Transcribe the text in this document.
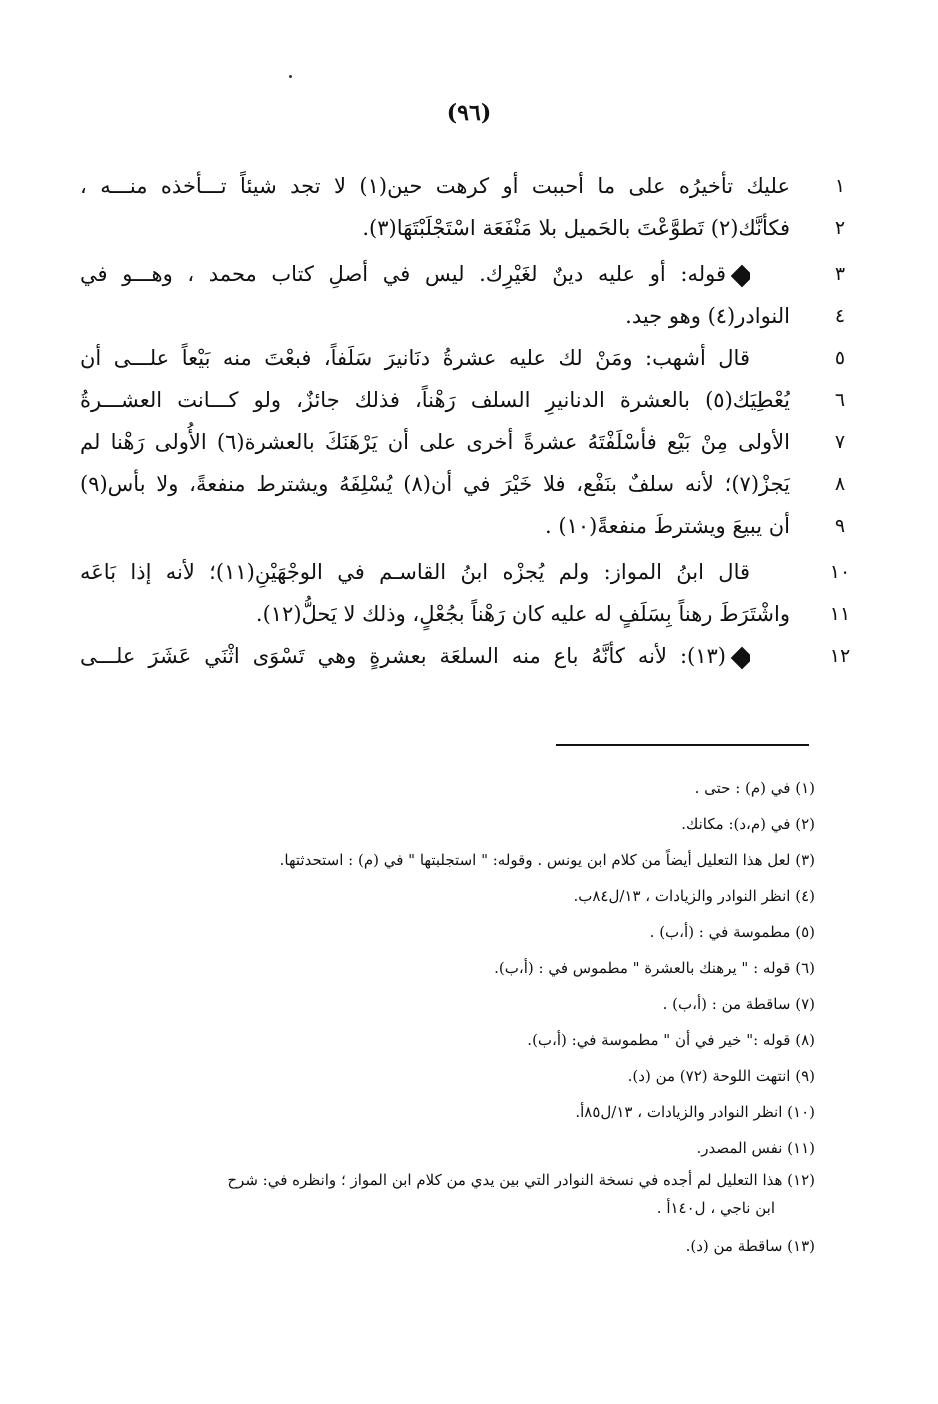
(٩٦)
١
عليك تأخيرُه على ما أحببت أو كرهت حين(١) لا تجد شيئاً تـــأخذه منـــه ،
٢
فكأنَّك(٢) تَطوَّعْتَ بالحَميل بلا مَنْفَعَة اسْتَجْلَبْتَهَا(٣).
٣
قوله: أو عليه دينٌ لغَيْرِك. ليس في أصلِ كتاب محمد ، وهـــو في
٤
النوادر(٤) وهو جيد.
٥
قال أشهب: ومَنْ لك عليه عشرةُ دنَانيرَ سَلَفاً، فبعْتَ منه بَيْعاً علـــى أن
٦
يُعْطِيَك(٥) بالعشرة الدنانيرِ السلف رَهْناً، فذلك جائزٌ، ولو كـــانت العشـــرةُ
٧
الأولى مِنْ بَيْع فأسْلَفْتَهُ عشرةً أخرى على أن يَرْهَنَكَ بالعشرة(٦) الأُولى رَهْنا لم
٨
يَجزْ(٧)؛ لأنه سلفٌ بنَفْع، فلا خَيْرَ في أن(٨) يُسْلِفَهُ ويشترط منفعةً، ولا بأس(٩)
٩
أن يبيعَ ويشترطَ منفعةً(١٠) .
١٠
قال ابنُ المواز: ولم يُجزْه ابنُ القاسـم في الوجْهَيْنِ(١١)؛ لأنه إذا بَاعَه
١١
واشْتَرَطَ رهناً بِسَلَفٍ له عليه كان رَهْناً بجُعْلٍ، وذلك لا يَحلُّ(١٢).
١٢
(١٣): لأنه كأنَّهُ باع منه السلعَة بعشرةٍ وهي تَسْوَى اثْنَي عَشَرَ علـــى
(١) في (م) : حتى .
(٢) في (م،د): مكانك.
(٣) لعل هذا التعليل أيضاً من كلام ابن يونس . وقوله: " استجلبتها " في (م) : استحدثتها.
(٤) انظر النوادر والزيادات ، ١٣/ل٨٤ب.
(٥) مطموسة في : (أ،ب) .
(٦) قوله : " يرهنك بالعشرة " مطموس في : (أ،ب).
(٧) ساقطة من : (أ،ب) .
(٨) قوله :" خير في أن " مطموسة في: (أ،ب).
(٩) انتهت اللوحة (٧٢) من (د).
(١٠) انظر النوادر والزيادات ، ١٣/ل٨٥أ.
(١١) نفس المصدر.
(١٢) هذا التعليل لم أجده في نسخة النوادر التي بين يدي من كلام ابن المواز ؛ وانظره في: شرح
ابن ناجي ، ل١٤٠أ .
(١٣) ساقطة من (د).
